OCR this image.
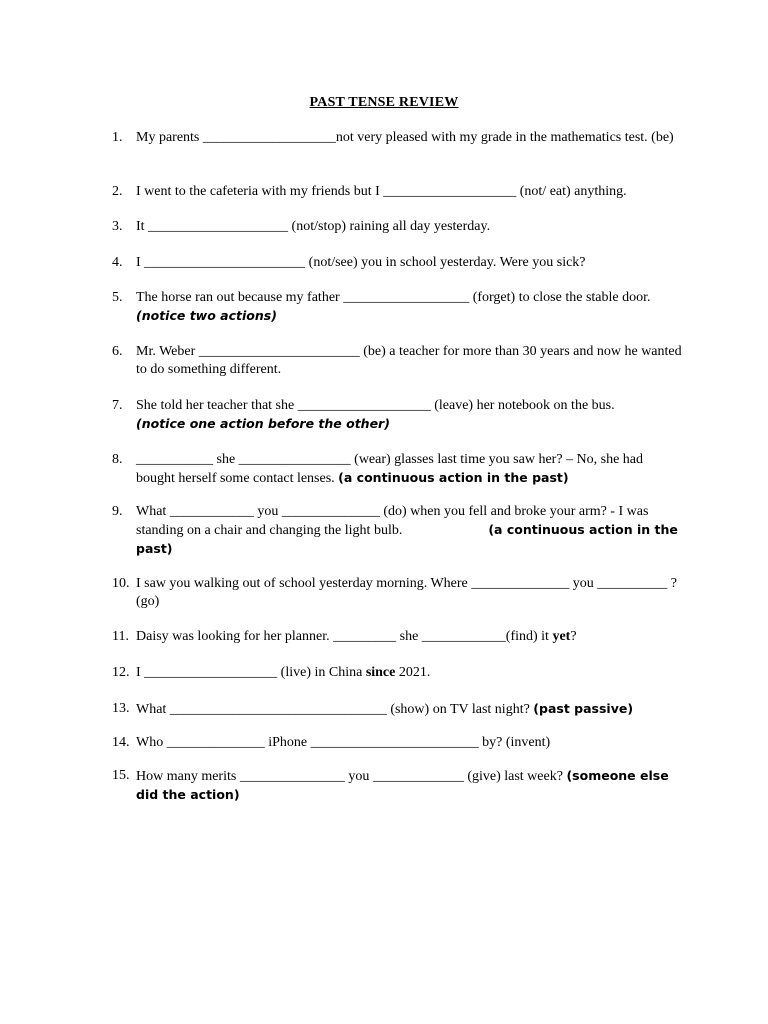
PAST TENSE REVIEW
1. My parents ___________________not very pleased with my grade in the mathematics test. (be)
2. I went to the cafeteria with my friends but I ___________________ (not/ eat) anything.
3. It ____________________ (not/stop) raining all day yesterday.
4. I _______________________ (not/see) you in school yesterday. Were you sick?
5. The horse ran out because my father __________________ (forget) to close the stable door. (notice two actions)
6. Mr. Weber _______________________ (be) a teacher for more than 30 years and now he wanted to do something different.
7. She told her teacher that she ___________________ (leave) her notebook on the bus.
(notice one action before the other)
8. ___________ she ________________ (wear) glasses last time you saw her? – No, she had bought herself some contact lenses. (a continuous action in the past)
9. What ____________ you ______________ (do) when you fell and broke your arm? - I was standing on a chair and changing the light bulb.	(a continuous action in the past)
10. I saw you walking out of school yesterday morning. Where ______________ you __________ ? (go)
11. Daisy was looking for her planner. _________ she ____________(find) it yet?
12. I ___________________ (live) in China since 2021.
13. What _______________________________ (show) on TV last night? (past passive)
14. Who ______________ iPhone ________________________ by? (invent)
15. How many merits _______________ you _____________ (give) last week? (someone else did the action)
